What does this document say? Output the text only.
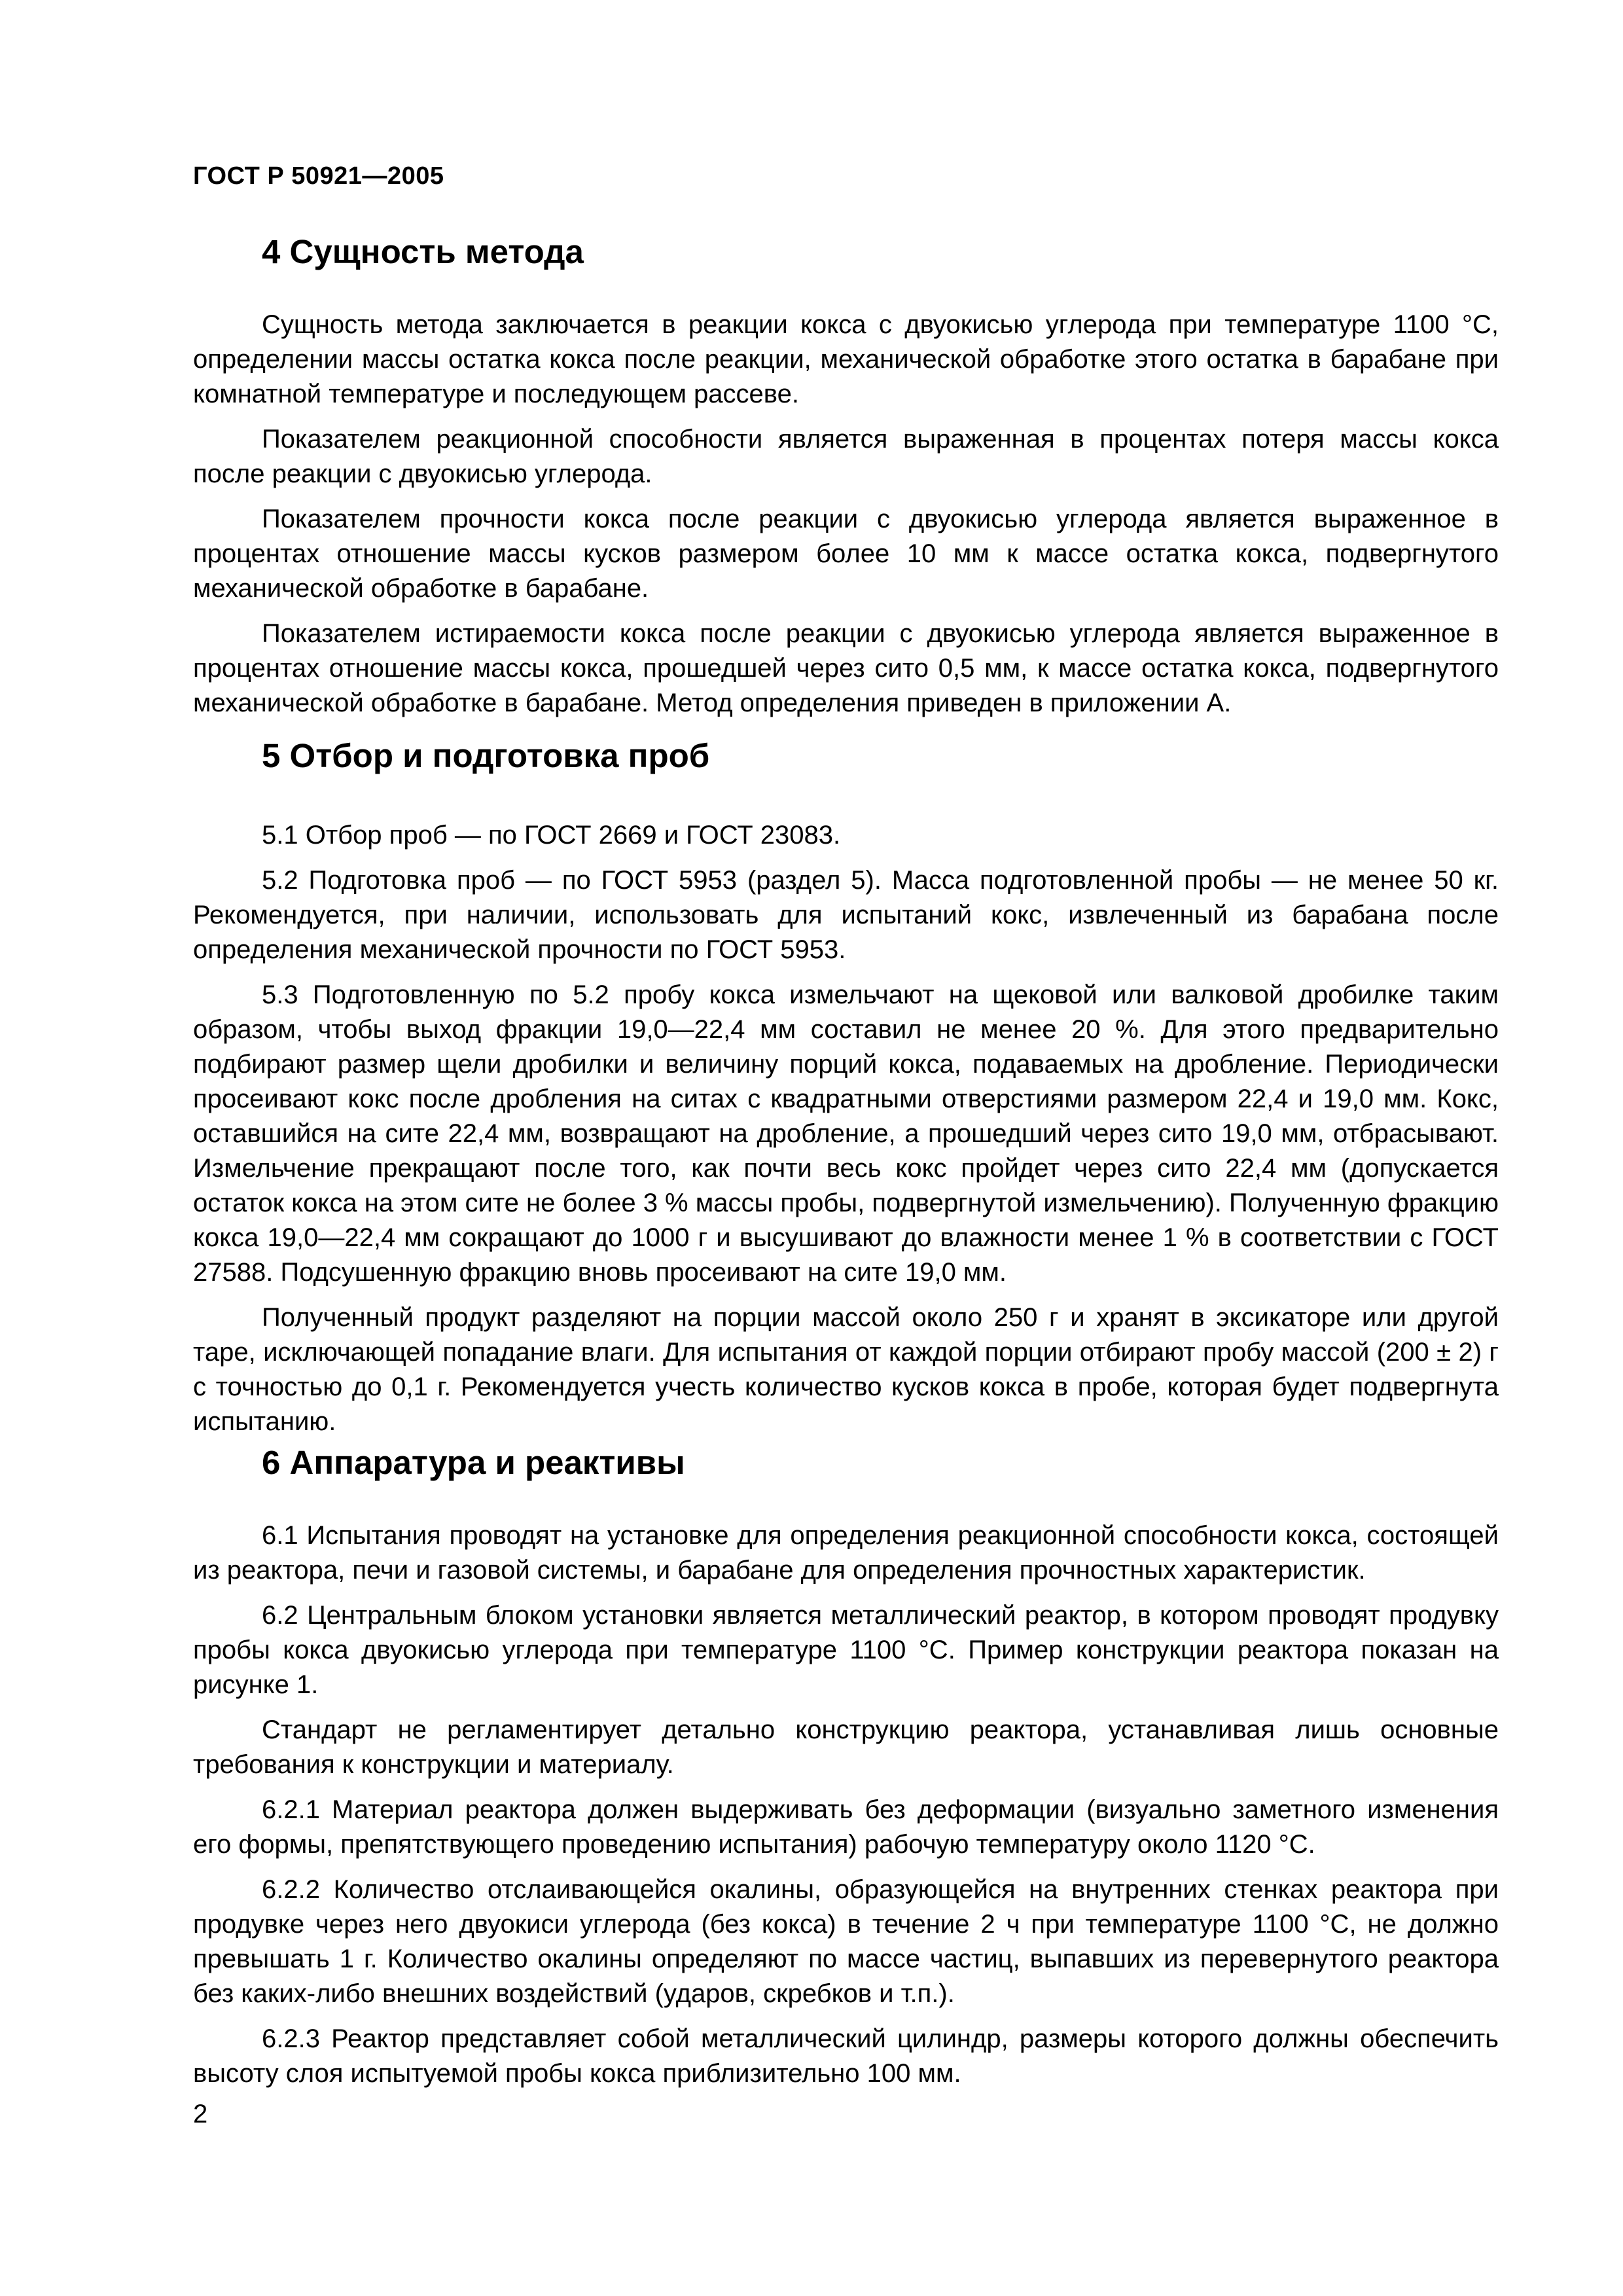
ГОСТ Р 50921—2005
4 Сущность метода

Сущность метода заключается в реакции кокса с двуокисью углерода при температуре 1100 °С, определении массы остатка кокса после реакции, механической обработке этого остатка в барабане при комнатной температуре и последующем рассеве.

Показателем реакционной способности является выраженная в процентах потеря массы кокса после реакции с двуокисью углерода.

Показателем прочности кокса после реакции с двуокисью углерода является выраженное в процентах отношение массы кусков размером более 10 мм к массе остатка кокса, подвергнутого механической обработке в барабане.

Показателем истираемости кокса после реакции с двуокисью углерода является выраженное в процентах отношение массы кокса, прошедшей через сито 0,5 мм, к массе остатка кокса, подвергнутого механической обработке в барабане. Метод определения приведен в приложении А.

5 Отбор и подготовка проб

5.1 Отбор проб — по ГОСТ 2669 и ГОСТ 23083.

5.2 Подготовка проб — по ГОСТ 5953 (раздел 5). Масса подготовленной пробы — не менее 50 кг. Рекомендуется, при наличии, использовать для испытаний кокс, извлеченный из барабана после определения механической прочности по ГОСТ 5953.

5.3 Подготовленную по 5.2 пробу кокса измельчают на щековой или валковой дробилке таким образом, чтобы выход фракции 19,0—22,4 мм составил не менее 20 %. Для этого предварительно подбирают размер щели дробилки и величину порций кокса, подаваемых на дробление. Периодически просеивают кокс после дробления на ситах с квадратными отверстиями размером 22,4 и 19,0 мм. Кокс, оставшийся на сите 22,4 мм, возвращают на дробление, а прошедший через сито 19,0 мм, отбрасывают. Измельчение прекращают после того, как почти весь кокс пройдет через сито 22,4 мм (допускается остаток кокса на этом сите не более 3 % массы пробы, подвергнутой измельчению). Полученную фракцию кокса 19,0—22,4 мм сокращают до 1000 г и высушивают до влажности менее 1 % в соответствии с ГОСТ 27588. Подсушенную фракцию вновь просеивают на сите 19,0 мм.

Полученный продукт разделяют на порции массой около 250 г и хранят в эксикаторе или другой таре, исключающей попадание влаги. Для испытания от каждой порции отбирают пробу массой (200 ± 2) г с точностью до 0,1 г. Рекомендуется учесть количество кусков кокса в пробе, которая будет подвергнута испытанию.

6 Аппаратура и реактивы

6.1 Испытания проводят на установке для определения реакционной способности кокса, состоящей из реактора, печи и газовой системы, и барабане для определения прочностных характеристик.

6.2 Центральным блоком установки является металлический реактор, в котором проводят продувку пробы кокса двуокисью углерода при температуре 1100 °С. Пример конструкции реактора показан на рисунке 1.

Стандарт не регламентирует детально конструкцию реактора, устанавливая лишь основные требования к конструкции и материалу.

6.2.1 Материал реактора должен выдерживать без деформации (визуально заметного изменения его формы, препятствующего проведению испытания) рабочую температуру около 1120 °С.

6.2.2 Количество отслаивающейся окалины, образующейся на внутренних стенках реактора при продувке через него двуокиси углерода (без кокса) в течение 2 ч при температуре 1100 °С, не должно превышать 1 г. Количество окалины определяют по массе частиц, выпавших из перевернутого реактора без каких-либо внешних воздействий (ударов, скребков и т.п.).

6.2.3 Реактор представляет собой металлический цилиндр, размеры которого должны обеспечить высоту слоя испытуемой пробы кокса приблизительно 100 мм.

2
